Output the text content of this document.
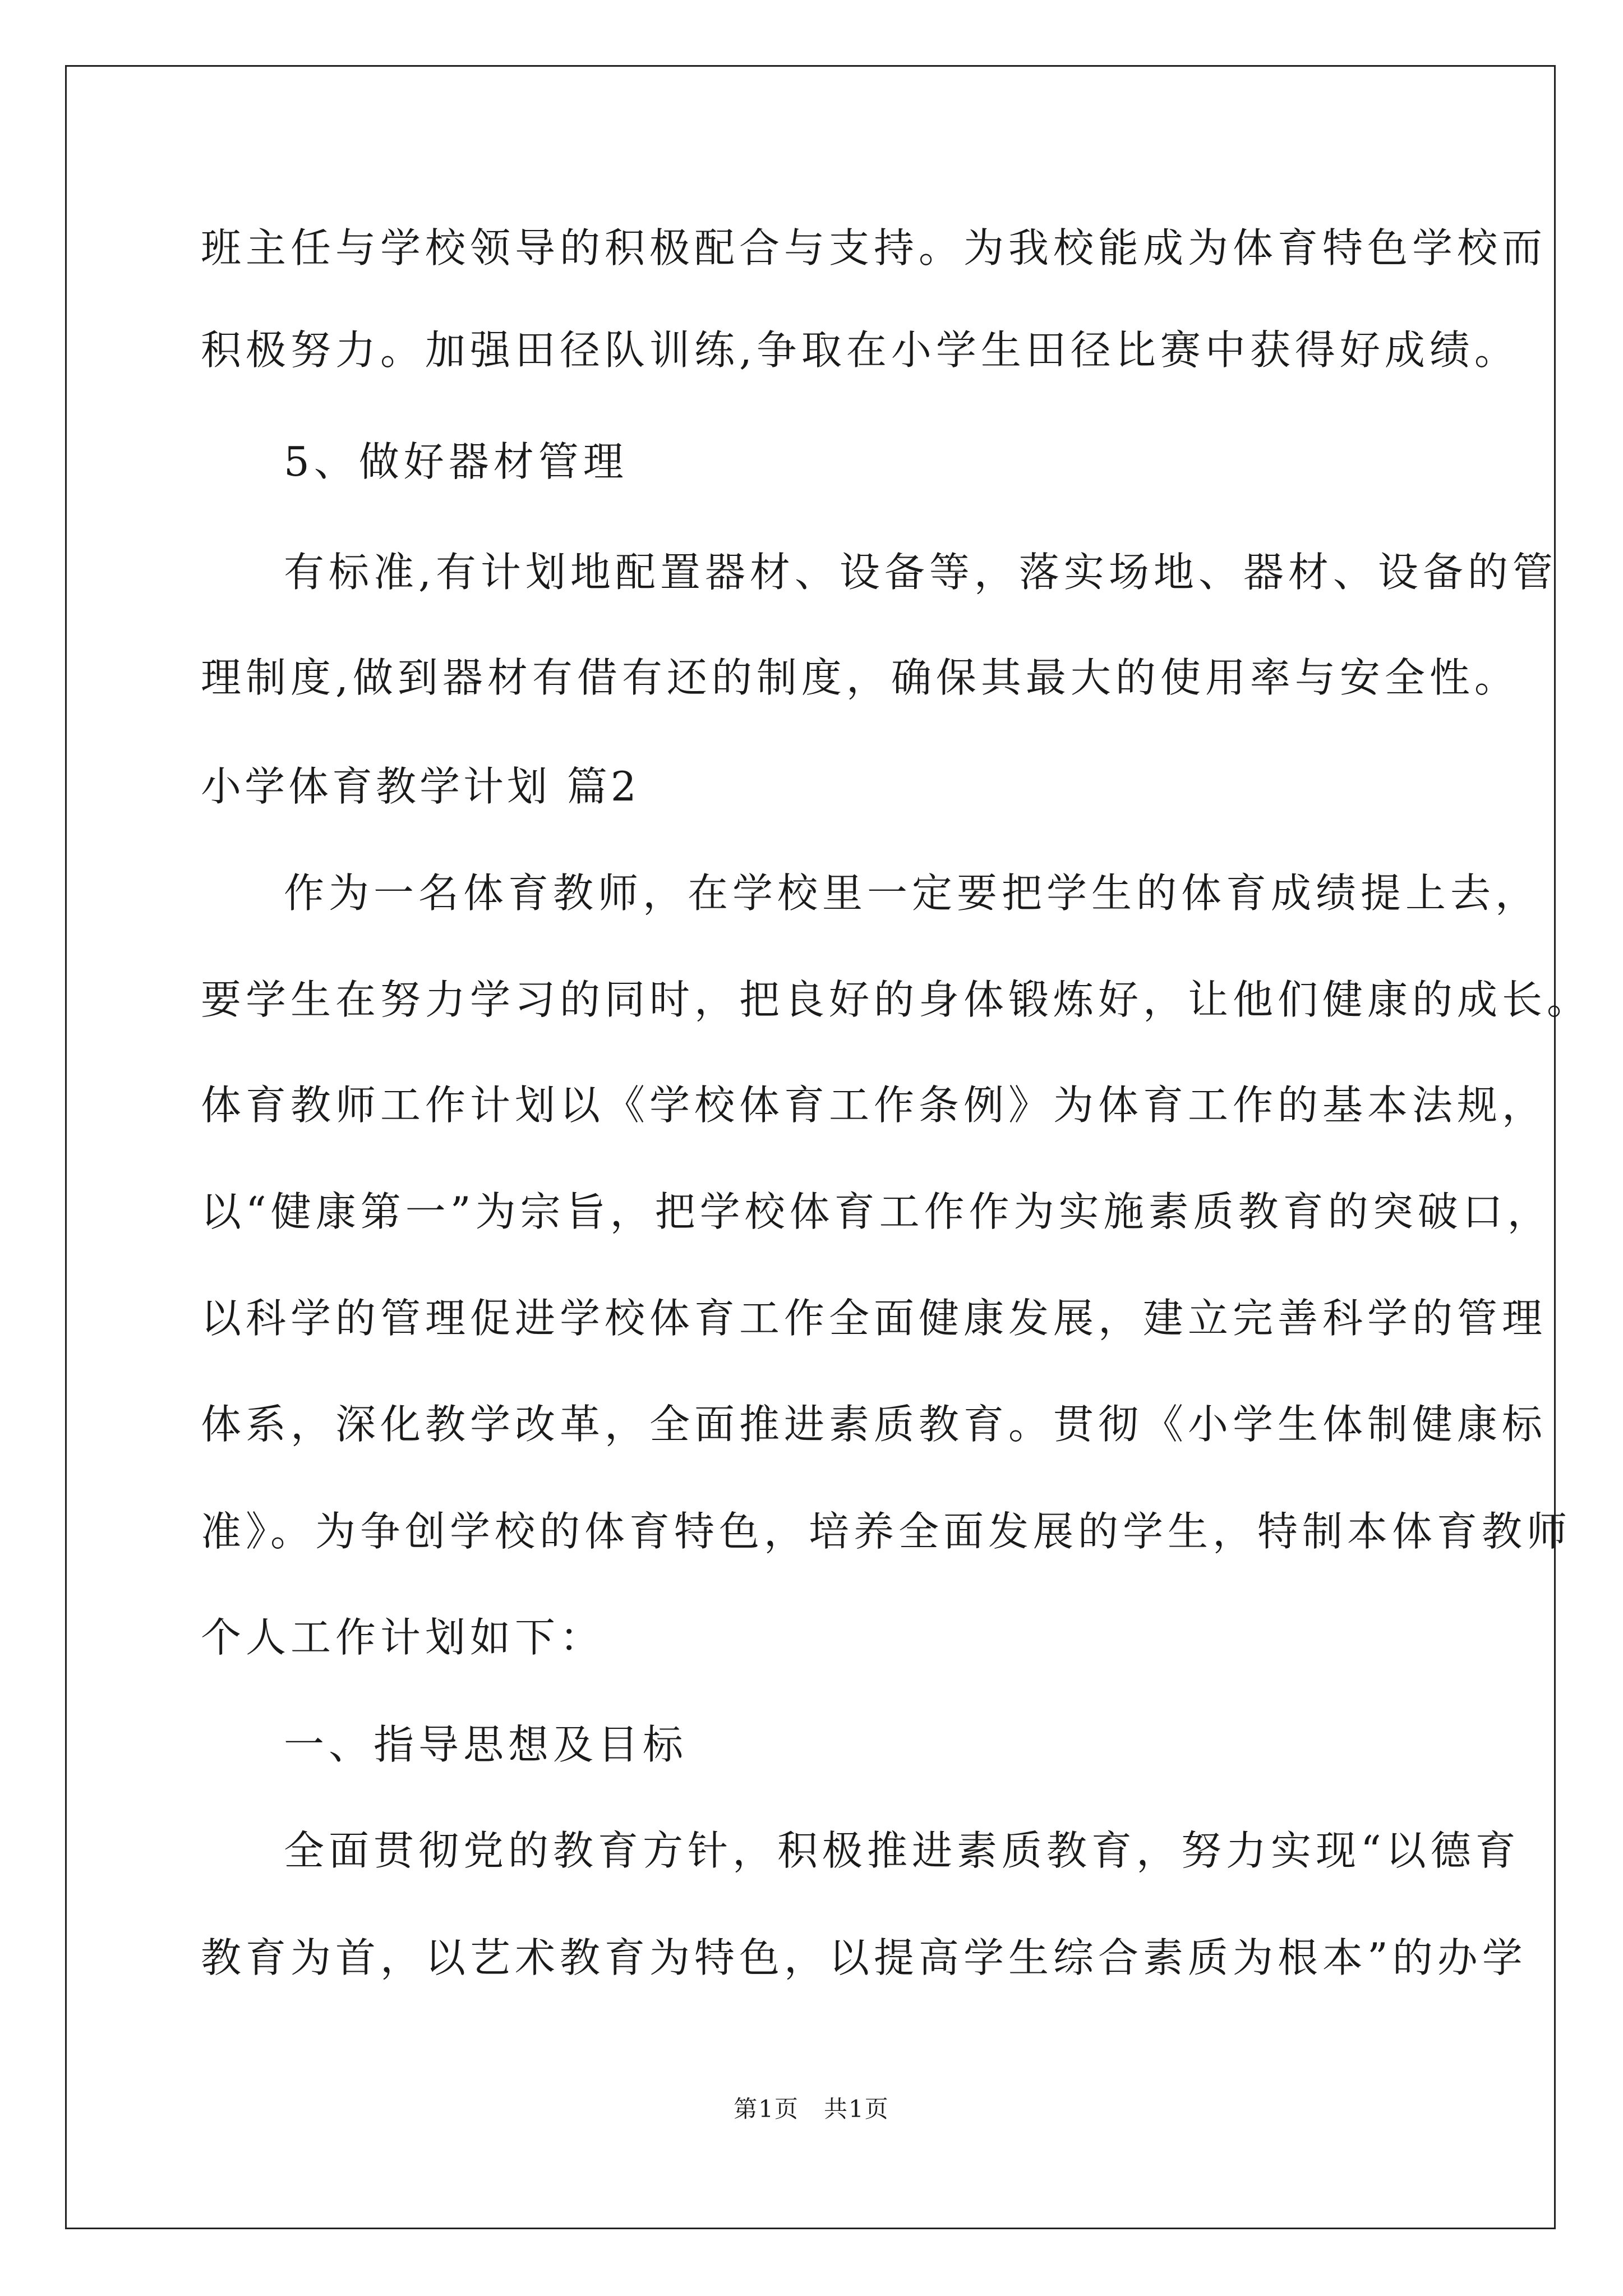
班主任与学校领导的积极配合与支持。为我校能成为体育特色学校而
积极努力。加强田径队训练,争取在小学生田径比赛中获得好成绩。
5、做好器材管理
有标准,有计划地配置器材、设备等，落实场地、器材、设备的管
理制度,做到器材有借有还的制度，确保其最大的使用率与安全性。
小学体育教学计划 篇2
作为一名体育教师，在学校里一定要把学生的体育成绩提上去，
要学生在努力学习的同时，把良好的身体锻炼好，让他们健康的成长。
体育教师工作计划以《学校体育工作条例》为体育工作的基本法规，
以“健康第一”为宗旨，把学校体育工作作为实施素质教育的突破口，
以科学的管理促进学校体育工作全面健康发展，建立完善科学的管理
体系，深化教学改革，全面推进素质教育。贯彻《小学生体制健康标
准》。为争创学校的体育特色，培养全面发展的学生，特制本体育教师
个人工作计划如下：
一、指导思想及目标
全面贯彻党的教育方针，积极推进素质教育，努力实现“以德育
教育为首，以艺术教育为特色，以提高学生综合素质为根本”的办学
第1页　共1页
